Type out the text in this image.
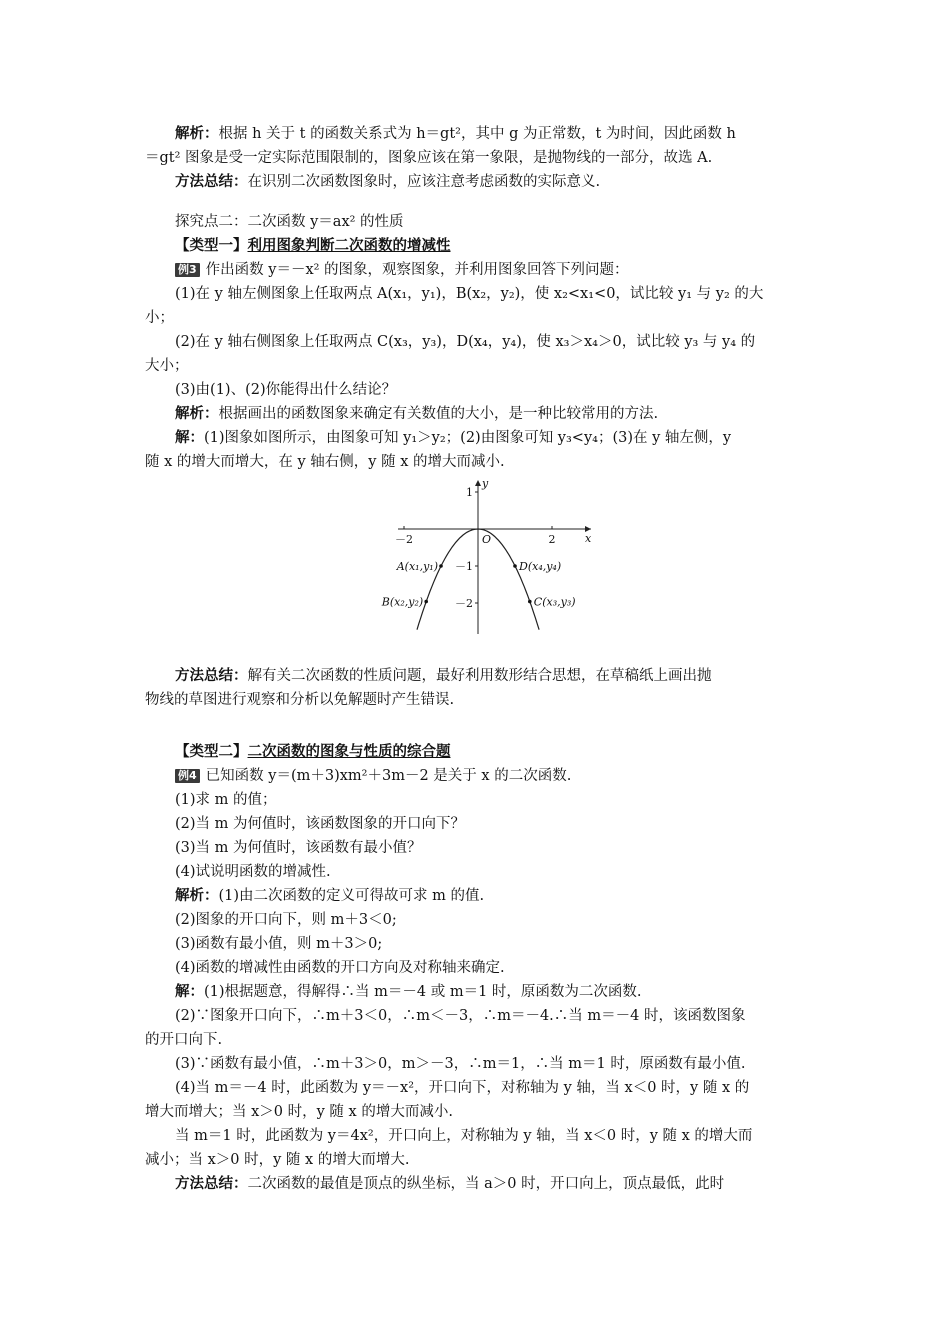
解析：根据 h 关于 t 的函数关系式为 h＝gt²，其中 g 为正常数，t 为时间，因此函数 h
＝gt² 图象是受一定实际范围限制的，图象应该在第一象限，是抛物线的一部分，故选 A.
方法总结：在识别二次函数图象时，应该注意考虑函数的实际意义.
探究点二：二次函数 y＝ax² 的性质
【类型一】利用图象判断二次函数的增减性
例3 作出函数 y＝－x² 的图象，观察图象，并利用图象回答下列问题：
(1)在 y 轴左侧图象上任取两点 A(x₁，y₁)，B(x₂，y₂)，使 x₂<x₁<0，试比较 y₁ 与 y₂ 的大
小；
(2)在 y 轴右侧图象上任取两点 C(x₃，y₃)，D(x₄，y₄)，使 x₃＞x₄＞0，试比较 y₃ 与 y₄ 的
大小；
(3)由(1)、(2)你能得出什么结论？
解析：根据画出的函数图象来确定有关数值的大小，是一种比较常用的方法.
解：(1)图象如图所示，由图象可知 y₁＞y₂；(2)由图象可知 y₃<y₄；(3)在 y 轴左侧，y
随 x 的增大而增大，在 y 轴右侧，y 随 x 的增大而减小.
x
y
O
－2	2
1
－1
－2
A(x₁,y₁)
B(x₂,y₂)
D(x₄,y₄)
C(x₃,y₃)
方法总结：解有关二次函数的性质问题，最好利用数形结合思想，在草稿纸上画出抛
物线的草图进行观察和分析以免解题时产生错误.
【类型二】二次函数的图象与性质的综合题
例4 已知函数 y＝(m＋3)xm²＋3m－2 是关于 x 的二次函数.
(1)求 m 的值；
(2)当 m 为何值时，该函数图象的开口向下？
(3)当 m 为何值时，该函数有最小值？
(4)试说明函数的增减性.
解析：(1)由二次函数的定义可得故可求 m 的值.
(2)图象的开口向下，则 m＋3＜0;
(3)函数有最小值，则 m＋3＞0;
(4)函数的增减性由函数的开口方向及对称轴来确定.
解：(1)根据题意，得解得∴当 m＝－4 或 m＝1 时，原函数为二次函数.
(2)∵图象开口向下，∴m＋3＜0，∴m＜－3，∴m＝－4.∴当 m＝－4 时，该函数图象
的开口向下.
(3)∵函数有最小值，∴m＋3＞0，m＞－3，∴m＝1，∴当 m＝1 时，原函数有最小值.
(4)当 m＝－4 时，此函数为 y＝－x²，开口向下，对称轴为 y 轴，当 x＜0 时，y 随 x 的
增大而增大；当 x＞0 时，y 随 x 的增大而减小.
当 m＝1 时，此函数为 y＝4x²，开口向上，对称轴为 y 轴，当 x＜0 时，y 随 x 的增大而
减小；当 x＞0 时，y 随 x 的增大而增大.
方法总结：二次函数的最值是顶点的纵坐标，当 a＞0 时，开口向上，顶点最低，此时
